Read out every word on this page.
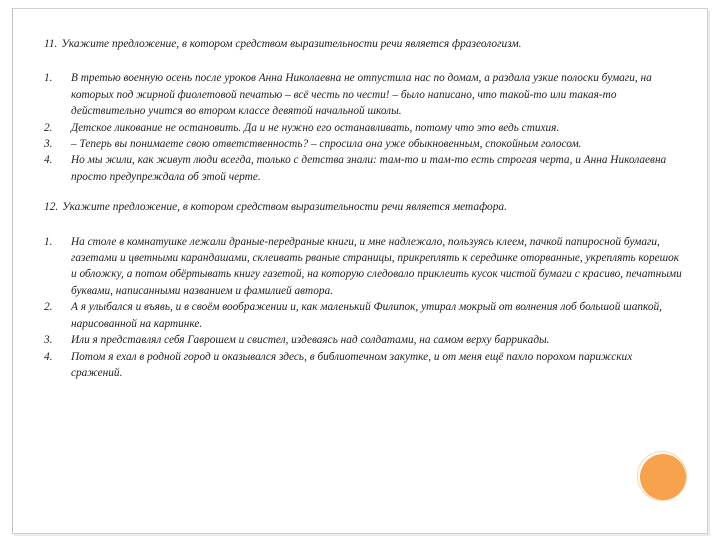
11. Укажите предложение, в котором средством выразительности речи является фразеологизм.

1. В третью военную осень после уроков Анна Николаевна не отпустила нас по домам, а раздала узкие полоски бумаги, на которых под жирной фиолетовой печатью – всё честь по чести! – было написано, что такой-то или такая-то действительно учится во втором классе девятой начальной школы.
2. Детское ликование не остановить. Да и не нужно его останавливать, потому что это ведь стихия.
3. – Теперь вы понимаете свою ответственность? – спросила она уже обыкновенным, спокойным голосом.
4. Но мы жили, как живут люди всегда, только с детства знали: там-то и там-то есть строгая черта, и Анна Николаевна просто предупреждала об этой черте.

12. Укажите предложение, в котором средством выразительности речи является метафора.

1. На столе в комнатушке лежали драные-передраные книги, и мне надлежало, пользуясь клеем, пачкой папиросной бумаги, газетами и цветными карандашами, склеивать рваные страницы, прикреплять к серединке оторванные, укреплять корешок и обложку, а потом обёртывать книгу газетой, на которую следовало приклеить кусок чистой бумаги с красиво, печатными буквами, написанными названием и фамилией автора.
2. А я улыбался и въявь, и в своём воображении и, как маленький Филипок, утирал мокрый от волнения лоб большой шапкой, нарисованной на картинке.
3. Или я представлял себя Гаврошем и свистел, издеваясь над солдатами, на самом верху баррикады.
4. Потом я ехал в родной город и оказывался здесь, в библиотечном закутке, и от меня ещё пахло порохом парижских сражений.
